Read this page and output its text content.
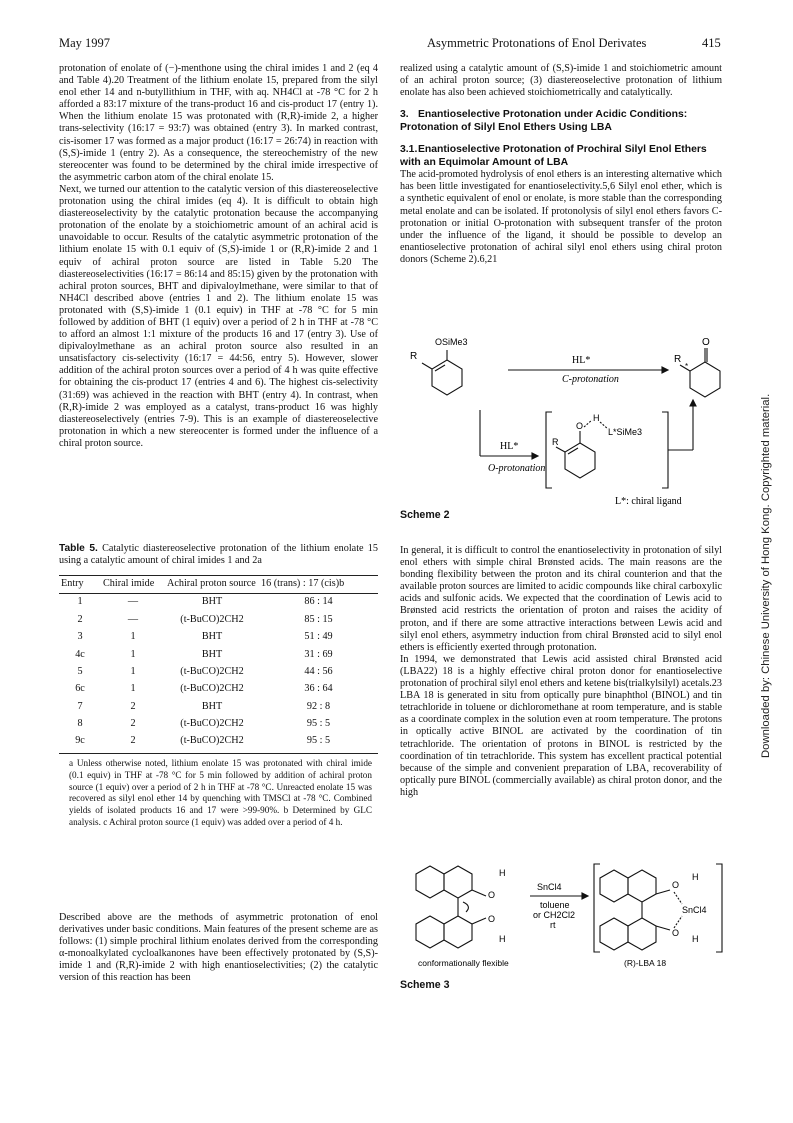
May 1997	Asymmetric Protonations of Enol Derivates	415

protonation of enolate of (−)-menthone using the chiral imides 1 and 2 (eq 4 and Table 4).20 Treatment of the lithium enolate 15, prepared from the silyl enol ether 14 and n-butyllithium in THF, with aq. NH4Cl at -78 °C for 2 h afforded a 83:17 mixture of the trans-product 16 and cis-product 17 (entry 1). When the lithium enolate 15 was protonated with (R,R)-imide 2, a higher trans-selectivity (16:17 = 93:7) was obtained (entry 3). In marked contrast, cis-isomer 17 was formed as a major product (16:17 = 26:74) in reaction with (S,S)-imide 1 (entry 2). As a consequence, the stereochemistry of the new stereocenter was found to be determined by the chiral imide irrespective of the asymmetric carbon atom of the chiral enolate 15.

Next, we turned our attention to the catalytic version of this diastereoselective protonation using the chiral imides (eq 4). It is difficult to obtain high diastereoselectivity by the catalytic protonation because the accompanying protonation of the enolate by a stoichiometric amount of an achiral acid is unavoidable to occur. Results of the catalytic asymmetric protonation of the lithium enolate 15 with 0.1 equiv of (S,S)-imide 1 or (R,R)-imide 2 and 1 equiv of achiral proton source are listed in Table 5.20 The diastereoselectivities (16:17 = 86:14 and 85:15) given by the protonation with achiral proton sources, BHT and dipivaloylmethane, were similar to that of NH4Cl described above (entries 1 and 2). The lithium enolate 15 was protonated with (S,S)-imide 1 (0.1 equiv) in THF at -78 °C for 5 min followed by addition of BHT (1 equiv) over a period of 2 h in THF at -78 °C to afford an almost 1:1 mixture of the products 16 and 17 (entry 3). Use of dipivaloylmethane as an achiral proton source also resulted in an unsatisfactory cis-selectivity (16:17 = 44:56, entry 5). However, slower addition of the achiral proton sources over a period of 4 h was quite effective for obtaining the cis-product 17 (entries 4 and 6). The highest cis-selectivity (31:69) was achieved in the reaction with BHT (entry 4). In contrast, when (R,R)-imide 2 was employed as a catalyst, trans-product 16 was highly diastereoselectively (entries 7-9). This is an example of diastereoselective protonation in which a new stereocenter is formed under the influence of a chiral proton source.

Table 5. Catalytic diastereoselective protonation of the lithium enolate 15 using a catalytic amount of chiral imides 1 and 2a
Entry	Chiral imide	Achiral proton source	16 (trans) : 17 (cis)b
1	—	BHT	86 : 14
2	—	(t-BuCO)2CH2	85 : 15
3	1	BHT	51 : 49
4c	1	BHT	31 : 69
5	1	(t-BuCO)2CH2	44 : 56
6c	1	(t-BuCO)2CH2	36 : 64
7	2	BHT	92 : 8
8	2	(t-BuCO)2CH2	95 : 5
9c	2	(t-BuCO)2CH2	95 : 5
a Unless otherwise noted, lithium enolate 15 was protonated with chiral imide (0.1 equiv) in THF at -78 °C for 5 min followed by addition of achiral proton source (1 equiv) over a period of 2 h in THF at -78 °C. Unreacted enolate 15 was recovered as silyl enol ether 14 by quenching with TMSCl at -78 °C. Combined yields of isolated products 16 and 17 were >99-90%. b Determined by GLC analysis. c Achiral proton source (1 equiv) was added over a period of 4 h.

Described above are the methods of asymmetric protonation of enol derivatives under basic conditions. Main features of the present scheme are as follows: (1) simple prochiral lithium enolates derived from the corresponding α-monoalkylated cycloalkanones have been effectively protonated by (S,S)-imide 1 and (R,R)-imide 2 with high enantioselectivities; (2) the catalytic version of this reaction has been

realized using a catalytic amount of (S,S)-imide 1 and stoichiometric amount of an achiral proton source; (3) diastereoselective protonation of lithium enolate has also been achieved stoichiometrically and catalytically.

3. Enantioselective Protonation under Acidic Conditions: Protonation of Silyl Enol Ethers Using LBA
3.1.Enantioselective Protonation of Prochiral Silyl Enol Ethers with an Equimolar Amount of LBA

The acid-promoted hydrolysis of enol ethers is an interesting alternative which has been little investigated for enantioselectivity.5,6 Silyl enol ether, which is a synthetic equivalent of enol or enolate, is more stable than the corresponding metal enolate and can be isolated. If protonolysis of silyl enol ethers favors C-protonation or initial O-protonation with subsequent transfer of the proton under the influence of the ligand, it should be possible to develop an enantioselective protonation of achiral silyl enol ethers using chiral proton donors (Scheme 2).6,21

OSiMe3
R
O
R
*
HL*
C-protonation
HL*
O-protonation
O
H
L*SiMe3
R
L*: chiral ligand
Scheme 2

In general, it is difficult to control the enantioselectivity in protonation of silyl enol ethers with simple chiral Brønsted acids. The main reasons are the bonding flexibility between the proton and its chiral counterion and that the available proton sources are limited to acidic compounds like chiral carboxylic acids and sulfonic acids. We expected that the coordination of Lewis acid to Brønsted acid restricts the orientation of proton and raises the acidity of proton, and if there are some attractive interactions between Lewis acid and silyl enol ethers, asymmetry induction from chiral Brønsted acid to silyl enol ethers is efficiently exerted through protonation.

In 1994, we demonstrated that Lewis acid assisted chiral Brønsted acid (LBA22) 18 is a highly effective chiral proton donor for enantioselective protonation of prochiral silyl enol ethers and ketene bis(trialkylsilyl) acetals.23 LBA 18 is generated in situ from optically pure binaphthol (BINOL) and tin tetrachloride in toluene or dichloromethane at room temperature, and is stable as a coordinate complex in the solution even at room temperature. The protons in optically active BINOL are activated by the coordination of tin tetrachloride. The orientation of protons in BINOL is restricted by the coordination of tin tetrachloride. This system has excellent practical potential because of the simple and convenient preparation of LBA, recoverability of optically pure BINOL (commercially available) as chiral proton donor, and the high

H
O
O
H
SnCl4
toluene
or CH2Cl2
rt
O
H
SnCl4
O
H
conformationally flexible	(R)-LBA 18
Scheme 3
Downloaded by: Chinese University of Hong Kong. Copyrighted material.
